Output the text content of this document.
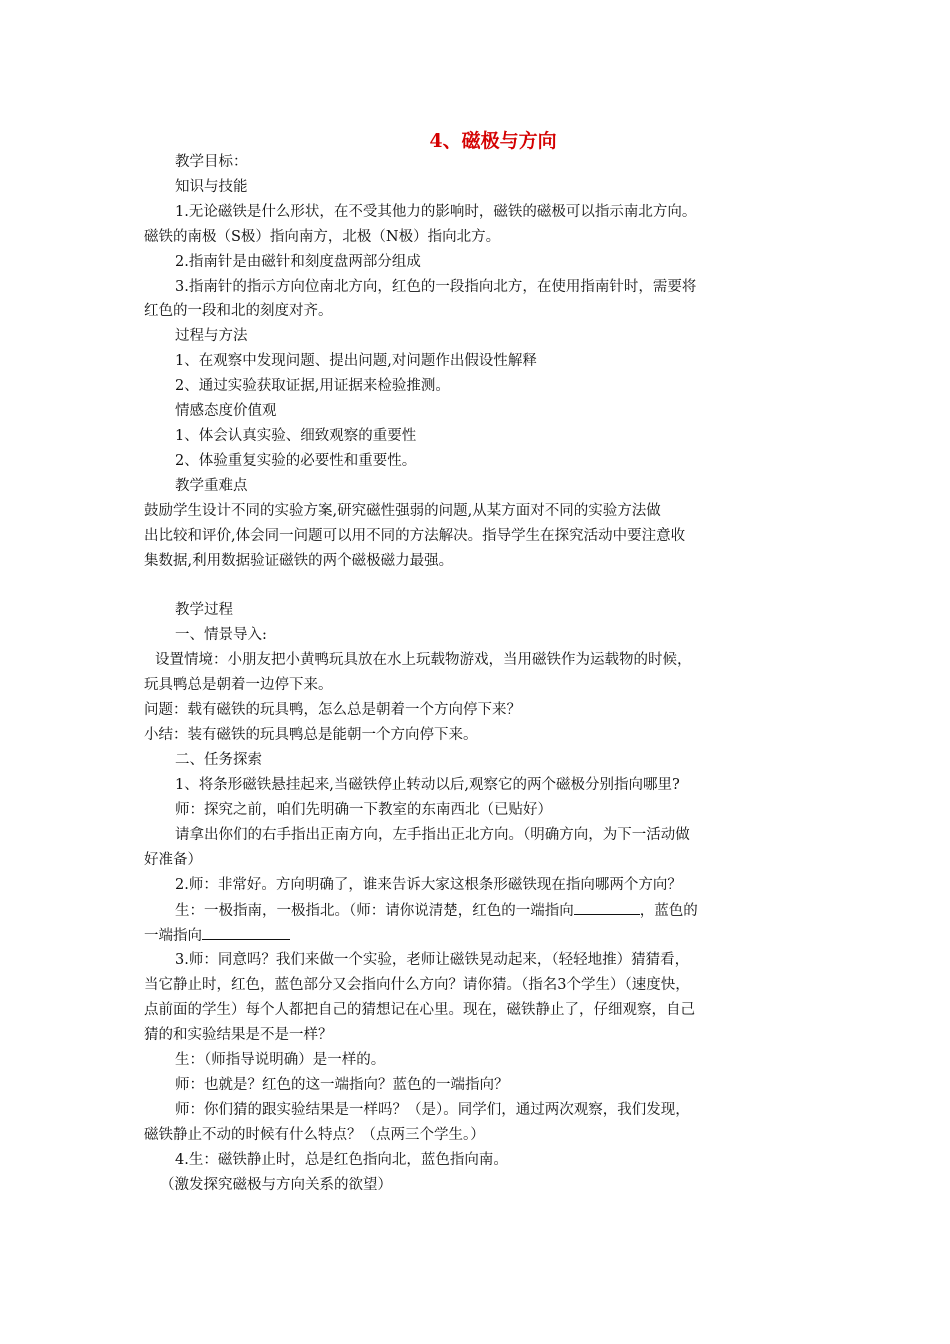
4、磁极与方向
教学目标：
知识与技能
1.无论磁铁是什么形状，在不受其他力的影响时，磁铁的磁极可以指示南北方向。
磁铁的南极（S极）指向南方，北极（N极）指向北方。
2.指南针是由磁针和刻度盘两部分组成
3.指南针的指示方向位南北方向，红色的一段指向北方，在使用指南针时，需要将
红色的一段和北的刻度对齐。
过程与方法
1、在观察中发现问题、提出问题,对问题作出假设性解释
2、通过实验获取证据,用证据来检验推测。
情感态度价值观
1、体会认真实验、细致观察的重要性
2、体验重复实验的必要性和重要性。
教学重难点
鼓励学生设计不同的实验方案,研究磁性强弱的问题,从某方面对不同的实验方法做
出比较和评价,体会同一问题可以用不同的方法解决。指导学生在探究活动中要注意收
集数据,利用数据验证磁铁的两个磁极磁力最强。
教学过程
一、情景导入:
设置情境：小朋友把小黄鸭玩具放在水上玩载物游戏，当用磁铁作为运载物的时候，
玩具鸭总是朝着一边停下来。
问题：载有磁铁的玩具鸭，怎么总是朝着一个方向停下来？
小结：装有磁铁的玩具鸭总是能朝一个方向停下来。
二、任务探索
1、将条形磁铁悬挂起来,当磁铁停止转动以后,观察它的两个磁极分别指向哪里?
师：探究之前，咱们先明确一下教室的东南西北（已贴好）
请拿出你们的右手指出正南方向，左手指出正北方向。（明确方向，为下一活动做
好准备）
2.师：非常好。方向明确了，谁来告诉大家这根条形磁铁现在指向哪两个方向？
生：一极指南，一极指北。（师：请你说清楚，红色的一端指向	，蓝色的
一端指向
3.师：同意吗？我们来做一个实验，老师让磁铁晃动起来，（轻轻地推）猜猜看，
当它静止时，红色，蓝色部分又会指向什么方向？请你猜。（指名3个学生）（速度快，
点前面的学生）每个人都把自己的猜想记在心里。现在，磁铁静止了，仔细观察，自己
猜的和实验结果是不是一样？
生：（师指导说明确）是一样的。
师：也就是？红色的这一端指向？蓝色的一端指向？
师：你们猜的跟实验结果是一样吗？（是）。同学们，通过两次观察，我们发现，
磁铁静止不动的时候有什么特点？（点两三个学生。）
4.生：磁铁静止时，总是红色指向北，蓝色指向南。
（激发探究磁极与方向关系的欲望）
